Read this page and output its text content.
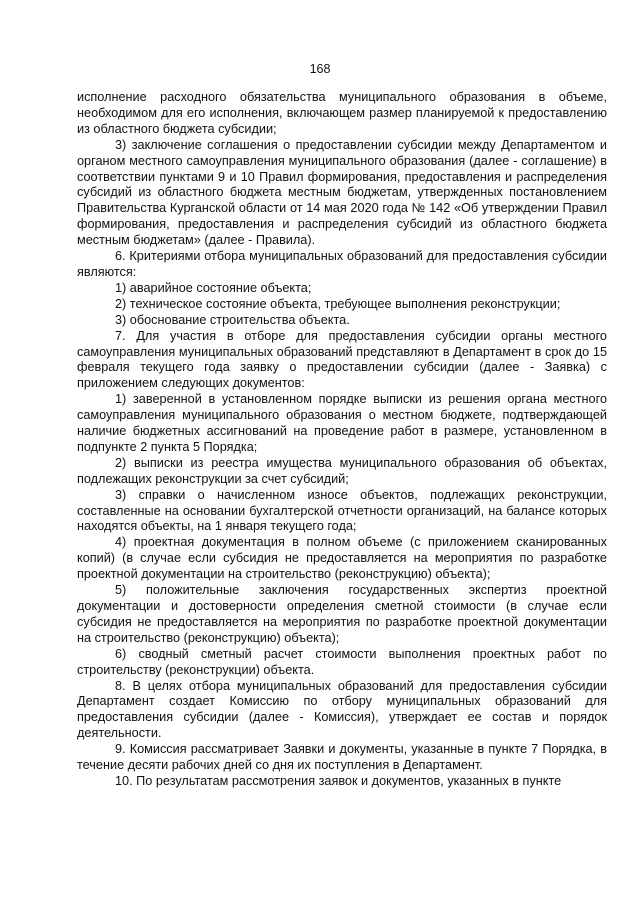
168

исполнение расходного обязательства муниципального образования в объеме, необходимом для его исполнения, включающем размер планируемой к предоставлению из областного бюджета субсидии;

3) заключение соглашения о предоставлении субсидии между Департаментом и органом местного самоуправления муниципального образования (далее - соглашение) в соответствии пунктами 9 и 10 Правил формирования, предоставления и распределения субсидий из областного бюджета местным бюджетам, утвержденных постановлением Правительства Курганской области от 14 мая 2020 года № 142 «Об утверждении Правил формирования, предоставления и распределения субсидий из областного бюджета местным бюджетам» (далее - Правила).

6. Критериями отбора муниципальных образований для предоставления субсидии являются:

1) аварийное состояние объекта;

2) техническое состояние объекта, требующее выполнения реконструкции;

3) обоснование строительства объекта.

7. Для участия в отборе для предоставления субсидии органы местного самоуправления муниципальных образований представляют в Департамент в срок до 15 февраля текущего года заявку о предоставлении субсидии (далее - Заявка) с приложением следующих документов:

1) заверенной в установленном порядке выписки из решения органа местного самоуправления муниципального образования о местном бюджете, подтверждающей наличие бюджетных ассигнований на проведение работ в размере, установленном в подпункте 2 пункта 5 Порядка;

2) выписки из реестра имущества муниципального образования об объектах, подлежащих реконструкции за счет субсидий;

3) справки о начисленном износе объектов, подлежащих реконструкции, составленные на основании бухгалтерской отчетности организаций, на балансе которых находятся объекты, на 1 января текущего года;

4) проектная документация в полном объеме (с приложением сканированных копий) (в случае если субсидия не предоставляется на мероприятия по разработке проектной документации на строительство (реконструкцию) объекта);

5) положительные заключения государственных экспертиз проектной документации и достоверности определения сметной стоимости (в случае если субсидия не предоставляется на мероприятия по разработке проектной документации на строительство (реконструкцию) объекта);

6) сводный сметный расчет стоимости выполнения проектных работ по строительству (реконструкции) объекта.

8. В целях отбора муниципальных образований для предоставления субсидии Департамент создает Комиссию по отбору муниципальных образований для предоставления субсидии (далее - Комиссия), утверждает ее состав и порядок деятельности.

9. Комиссия рассматривает Заявки и документы, указанные в пункте 7 Порядка, в течение десяти рабочих дней со дня их поступления в Департамент.

10. По результатам рассмотрения заявок и документов, указанных в пункте
